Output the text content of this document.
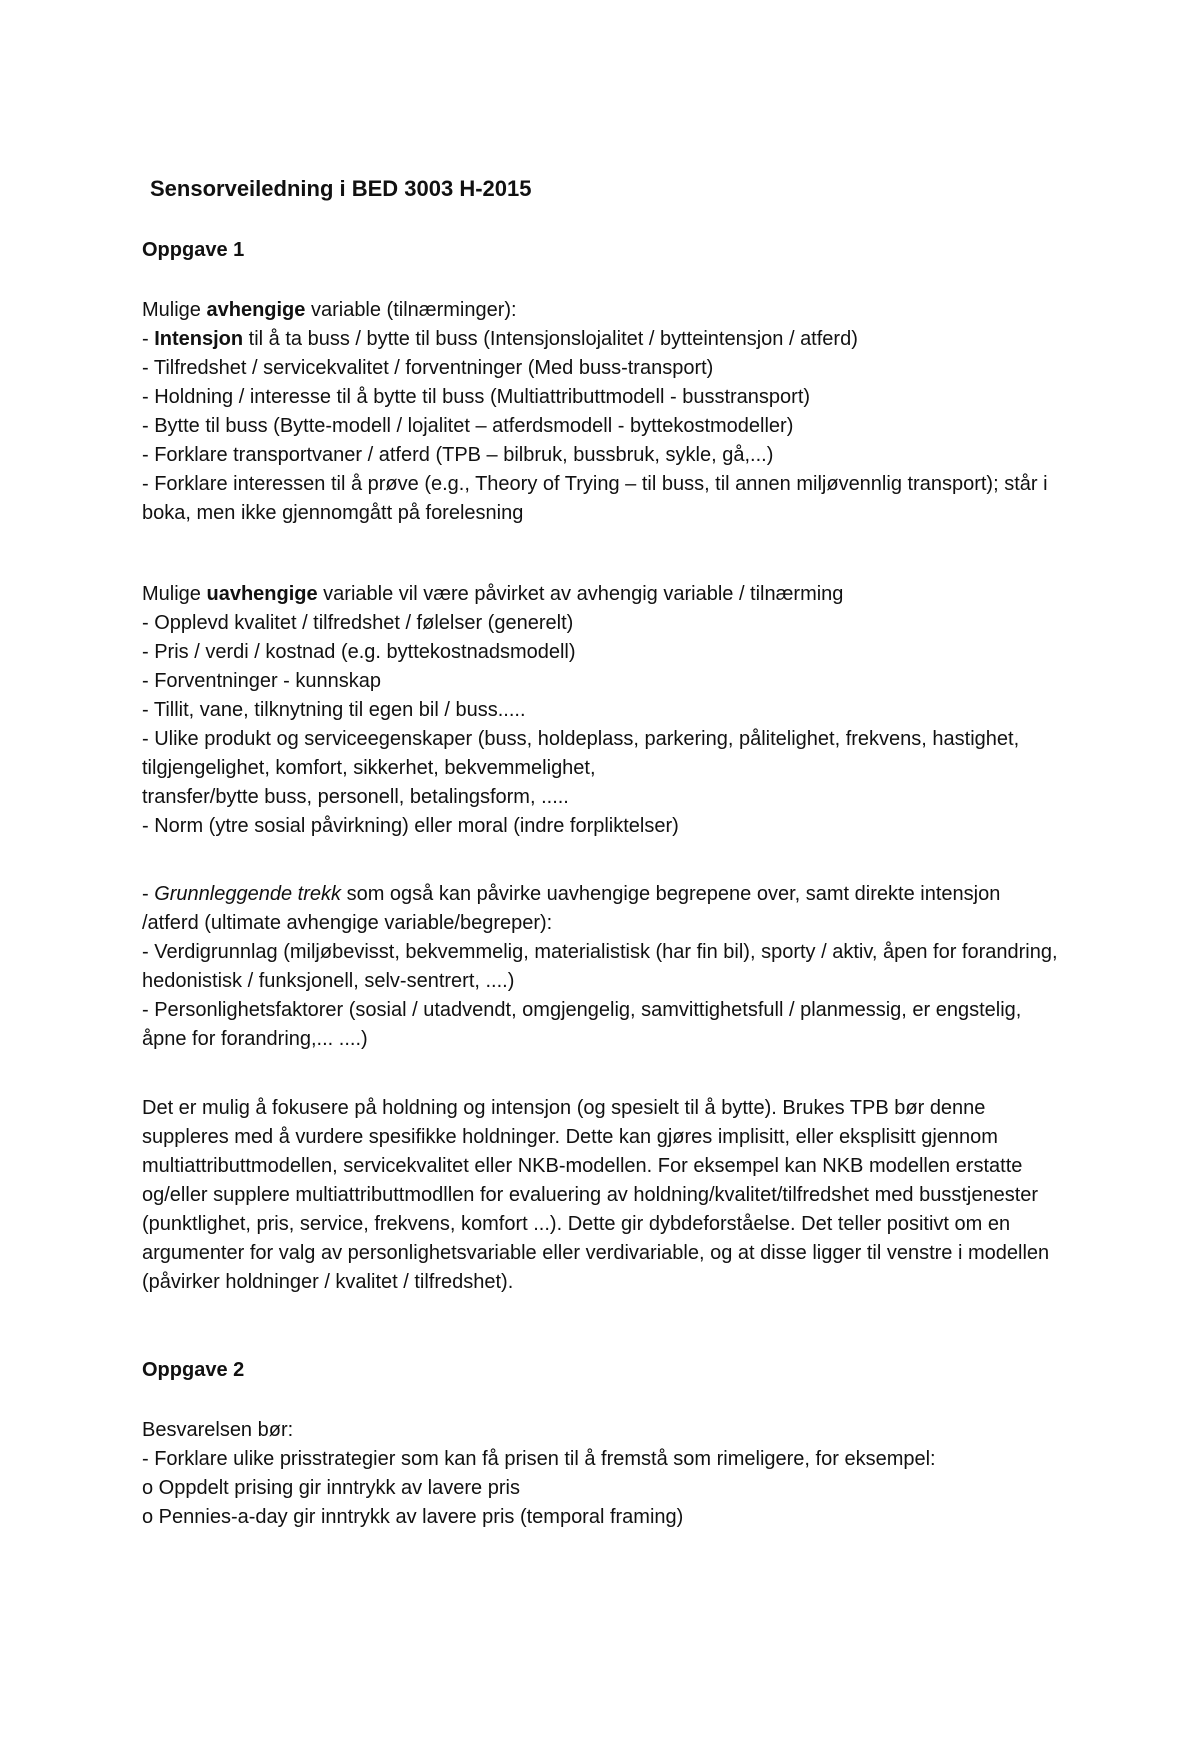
Sensorveiledning i BED 3003 H-2015
Oppgave 1

Mulige avhengige variable (tilnærminger):

- Intensjon til å ta buss / bytte til buss (Intensjonslojalitet / bytteintensjon / atferd)

- Tilfredshet / servicekvalitet / forventninger (Med buss-transport)

- Holdning / interesse til å bytte til buss (Multiattributtmodell - busstransport)

- Bytte til buss (Bytte-modell / lojalitet – atferdsmodell - byttekostmodeller)

- Forklare transportvaner / atferd (TPB – bilbruk, bussbruk, sykle, gå,...)

- Forklare interessen til å prøve (e.g., Theory of Trying – til buss, til annen miljøvennlig transport); står i boka, men ikke gjennomgått på forelesning

Mulige uavhengige variable vil være påvirket av avhengig variable / tilnærming

- Opplevd kvalitet / tilfredshet / følelser (generelt)

- Pris / verdi / kostnad (e.g. byttekostnadsmodell)

- Forventninger - kunnskap

- Tillit, vane, tilknytning til egen bil / buss.....

- Ulike produkt og serviceegenskaper (buss, holdeplass, parkering, pålitelighet, frekvens, hastighet, tilgjengelighet, komfort, sikkerhet, bekvemmelighet,

transfer/bytte buss, personell, betalingsform, .....

- Norm (ytre sosial påvirkning) eller moral (indre forpliktelser)

- Grunnleggende trekk som også kan påvirke uavhengige begrepene over, samt direkte intensjon /atferd (ultimate avhengige variable/begreper):

- Verdigrunnlag (miljøbevisst, bekvemmelig, materialistisk (har fin bil), sporty / aktiv, åpen for forandring, hedonistisk / funksjonell, selv-sentrert, ....)

- Personlighetsfaktorer (sosial / utadvendt, omgjengelig, samvittighetsfull / planmessig, er engstelig, åpne for forandring,... ....)

Det er mulig å fokusere på holdning og intensjon (og spesielt til å bytte). Brukes TPB bør denne suppleres med å vurdere spesifikke holdninger. Dette kan gjøres implisitt, eller eksplisitt gjennom multiattributtmodellen, servicekvalitet eller NKB-modellen. For eksempel kan NKB modellen erstatte og/eller supplere multiattributtmodllen for evaluering av holdning/kvalitet/tilfredshet med busstjenester (punktlighet, pris, service, frekvens, komfort ...). Dette gir dybdeforståelse. Det teller positivt om en argumenter for valg av personlighetsvariable eller verdivariable, og at disse ligger til venstre i modellen (påvirker holdninger / kvalitet / tilfredshet).
Oppgave 2

Besvarelsen bør:

- Forklare ulike prisstrategier som kan få prisen til å fremstå som rimeligere, for eksempel:

o Oppdelt prising gir inntrykk av lavere pris

o Pennies-a-day gir inntrykk av lavere pris (temporal framing)
